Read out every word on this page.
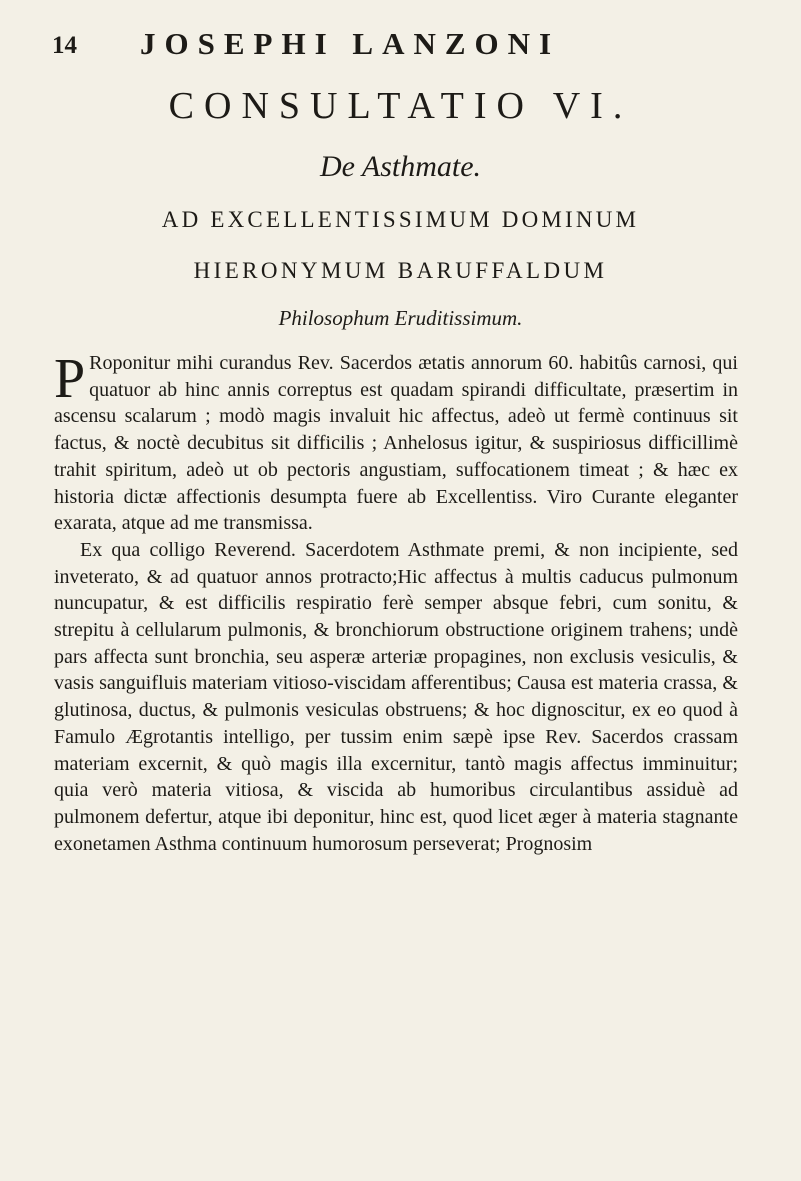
14 JOSEPHI LANZONI
CONSULTATIO VI.
De Asthmate.
AD EXCELLENTISSIMUM DOMINUM
HIERONYMUM BARUFFALDUM
Philosophum Eruditissimum.

P Roponitur mihi curandus Rev. Sacerdos ætatis annorum 60. habitûs carnosi, qui quatuor ab hinc annis correptus est quadam spirandi difficultate, præsertim in ascensu scalarum ; modò magis invaluit hic affectus, adeò ut fermè continuus sit factus, & noctè decubitus sit difficilis ; Anhelosus igitur, & suspiriosus difficillimè trahit spiritum, adeò ut ob pectoris angustiam, suffocationem timeat ; & hæc ex historia dictæ affectionis desumpta fuere ab Excellentiss. Viro Curante eleganter exarata, atque ad me transmissa.

Ex qua colligo Reverend. Sacerdotem Asthmate premi, & non incipiente, sed inveterato, & ad quatuor annos protracto;Hic affectus à multis caducus pulmonum nuncupatur, & est difficilis respiratio ferè semper absque febri, cum sonitu, & strepitu à cellularum pulmonis, & bronchiorum obstructione originem trahens; undè pars affecta sunt bronchia, seu asperæ arteriæ propagines, non exclusis vesiculis, & vasis sanguifluis materiam vitioso-viscidam afferentibus; Causa est materia crassa, & glutinosa, ductus, & pulmonis vesiculas obstruens; & hoc dignoscitur, ex eo quod à Famulo Ægrotantis intelligo, per tussim enim sæpè ipse Rev. Sacerdos crassam materiam excernit, & quò magis illa excernitur, tantò magis affectus imminuitur; quia verò materia vitiosa, & viscida ab humoribus circulantibus assiduè ad pulmonem defertur, atque ibi deponitur, hinc est, quod licet æger à materia stagnante exonetamen Asthma continuum humorosum perseverat; Prognosim
